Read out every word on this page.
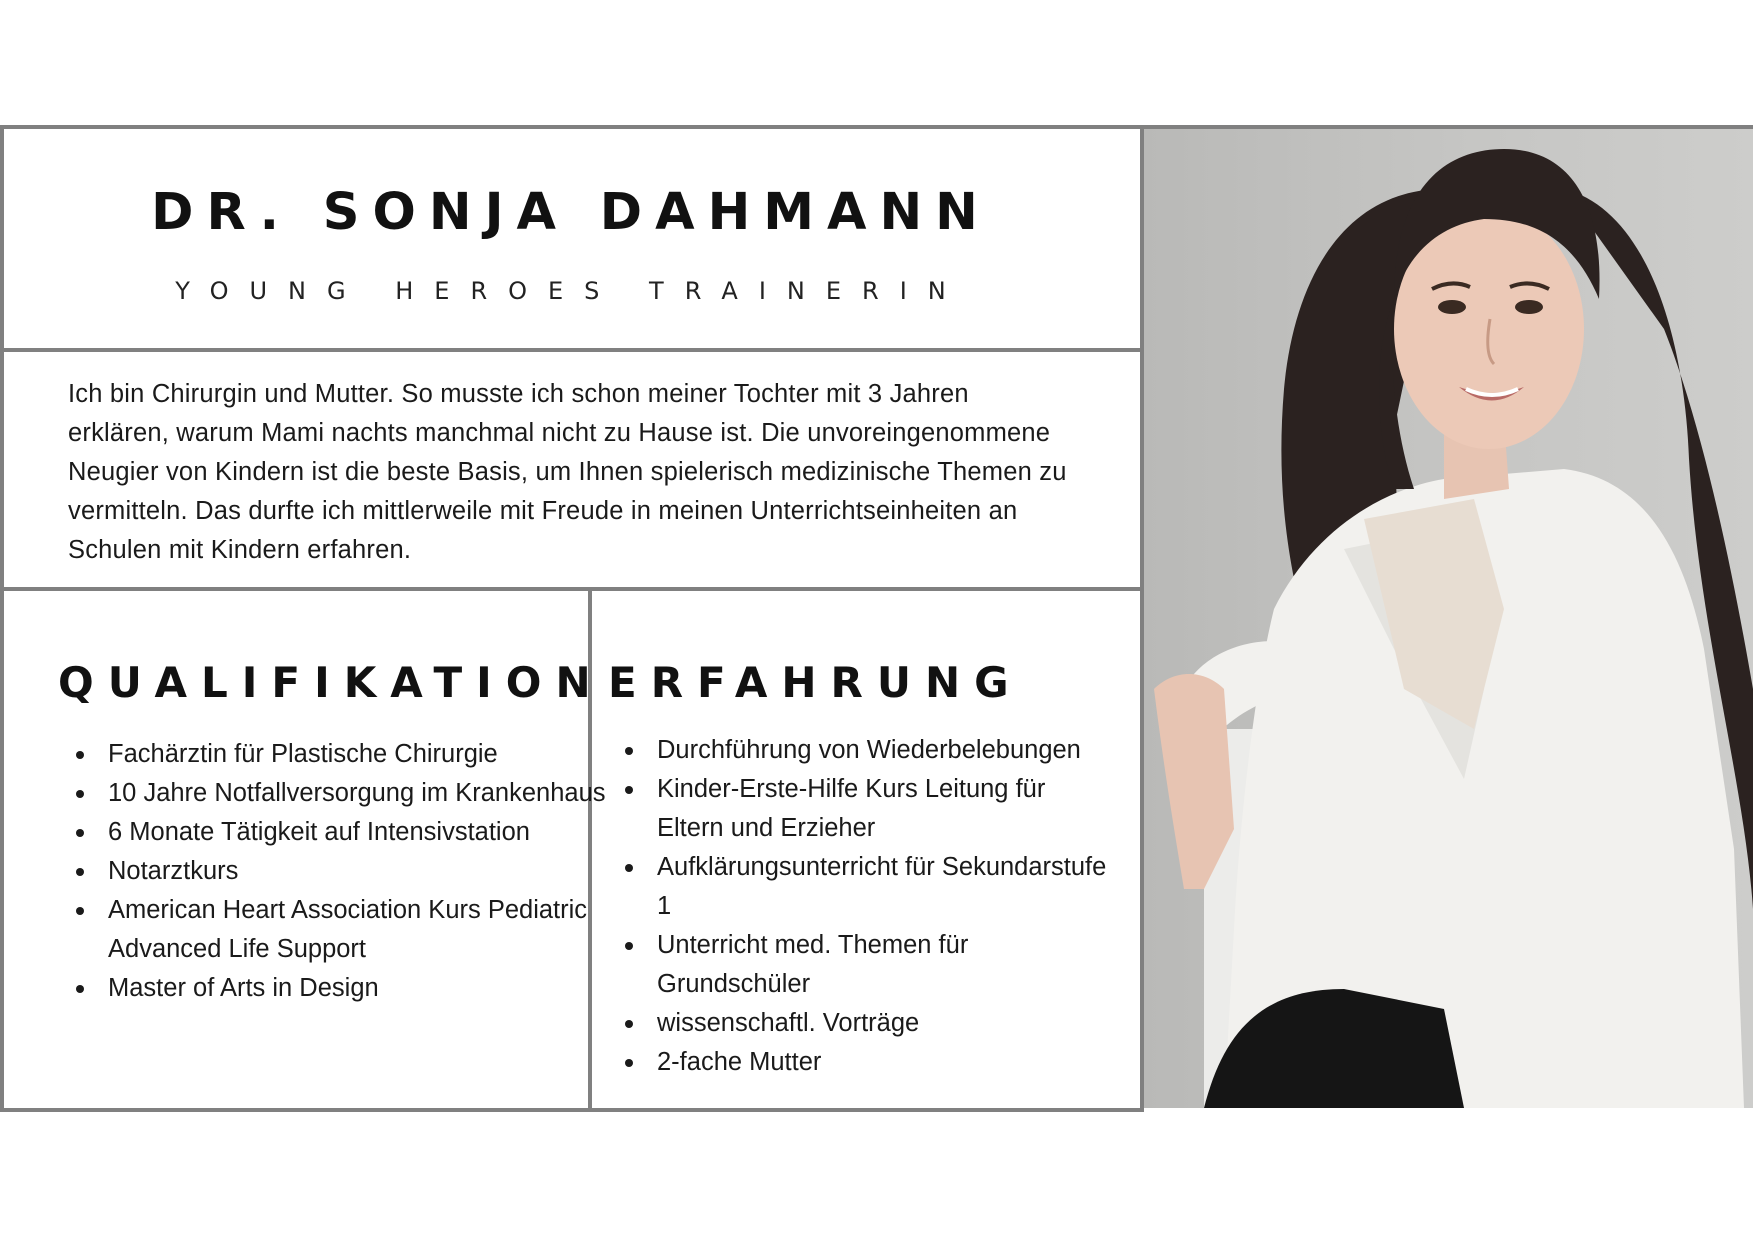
DR. SONJA DAHMANN

YOUNG HEROES TRAINERIN

Ich bin Chirurgin und Mutter. So musste ich schon meiner Tochter mit 3 Jahren erklären, warum Mami nachts manchmal nicht zu Hause ist. Die unvoreingenommene Neugier von Kindern ist die beste Basis, um Ihnen spielerisch medizinische Themen zu vermitteln. Das durfte ich mittlerweile mit Freude in meinen Unterrichtseinheiten an Schulen mit Kindern erfahren.

QUALIFIKATION
Fachärztin für Plastische Chirurgie
10 Jahre Notfallversorgung im Krankenhaus
6 Monate Tätigkeit auf Intensivstation
Notarztkurs
American Heart Association Kurs Pediatric Advanced Life Support
Master of Arts in Design
ERFAHRUNG
Durchführung von Wiederbelebungen
Kinder-Erste-Hilfe Kurs Leitung für Eltern und Erzieher
Aufklärungsunterricht für Sekundarstufe 1
Unterricht med. Themen für Grundschüler
wissenschaftl. Vorträge
2-fache Mutter
